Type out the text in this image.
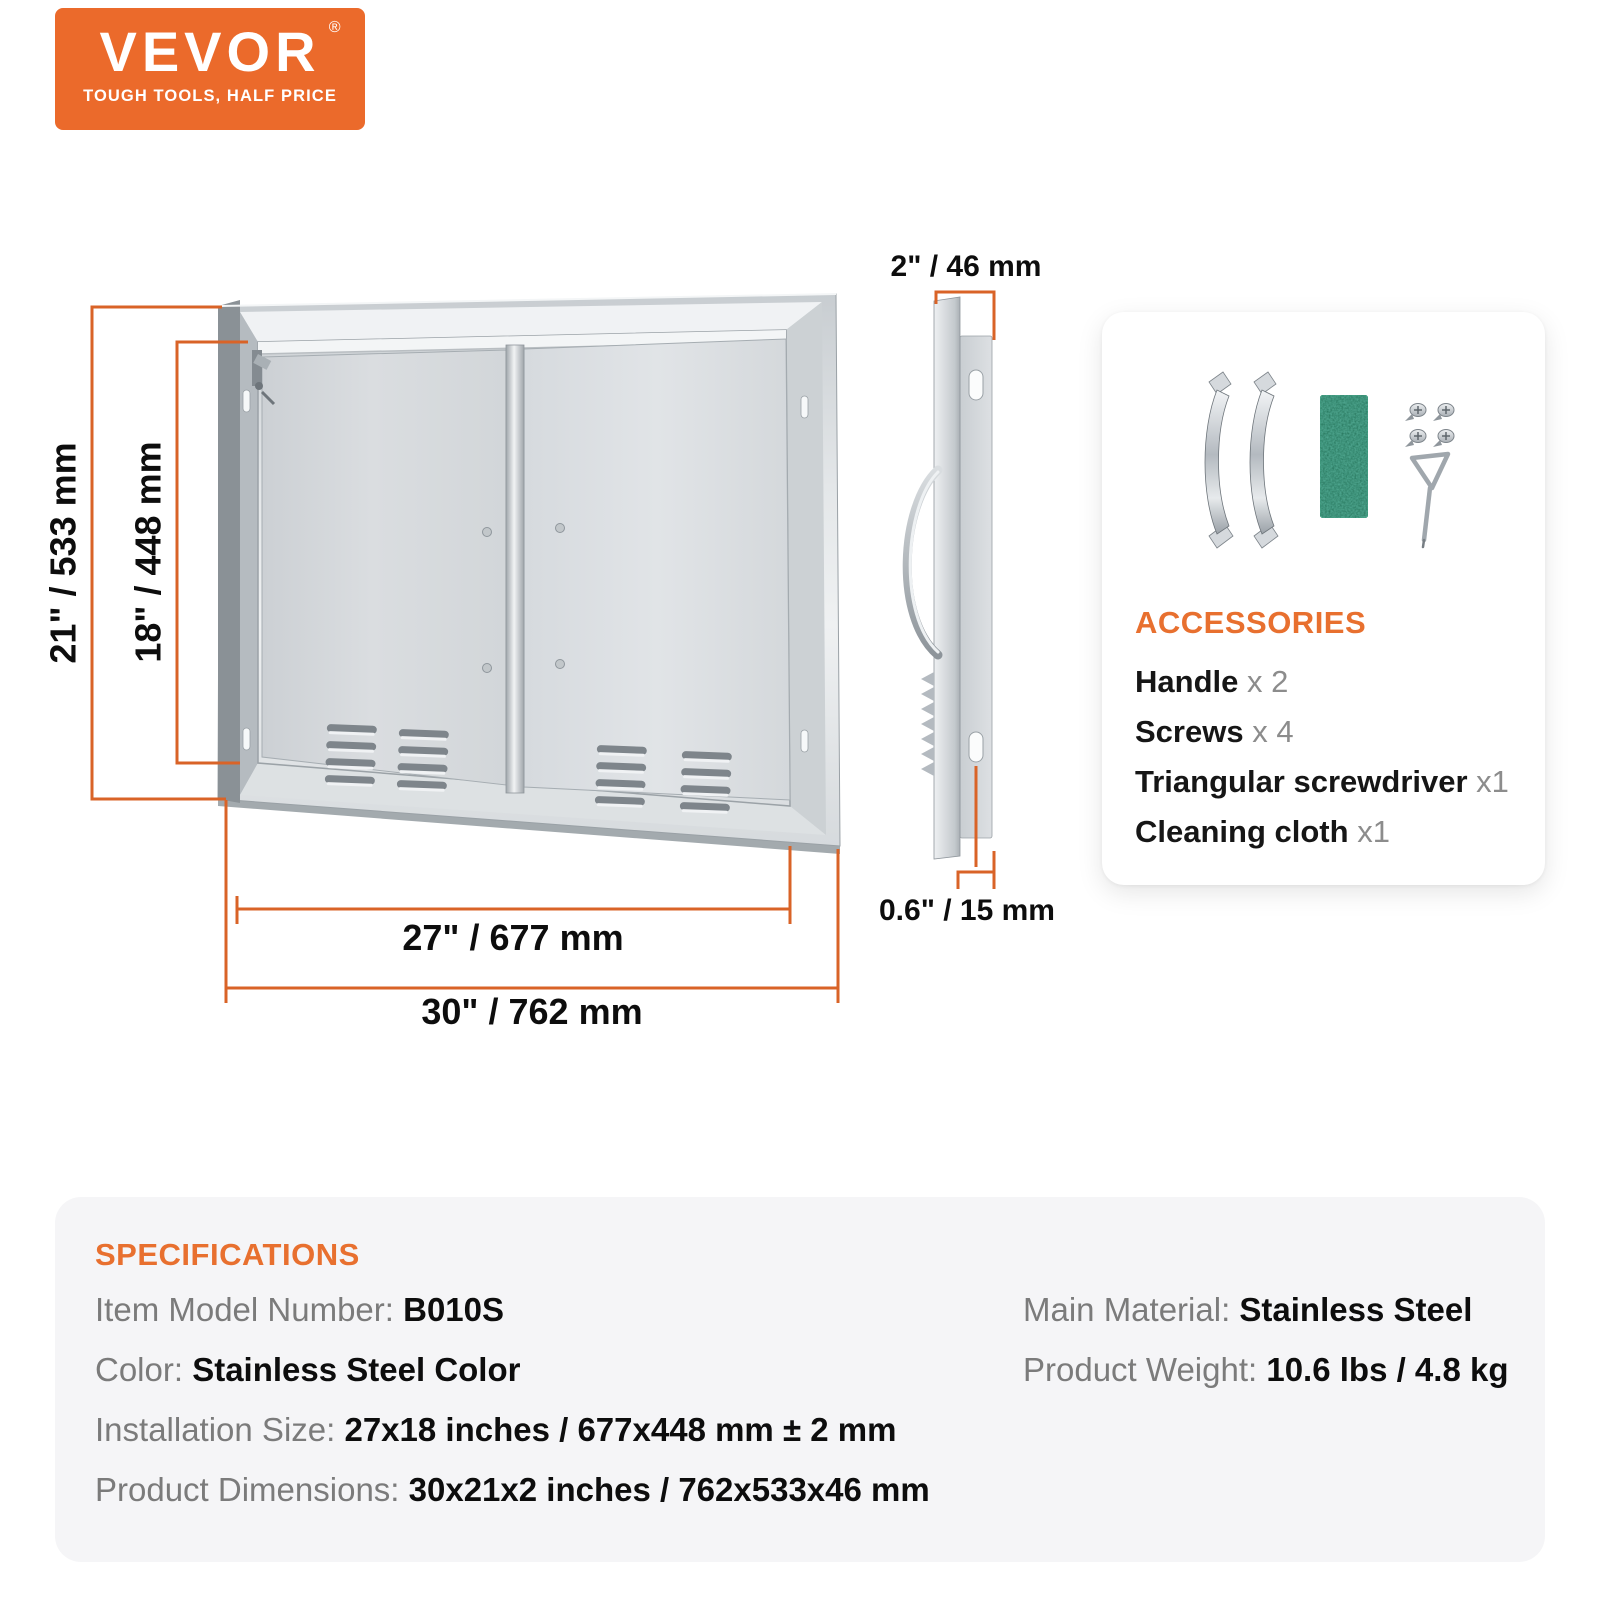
VEVOR ®
TOUGH TOOLS, HALF PRICE
21" / 533 mm 18" / 448 mm
27" / 677 mm
30" / 762 mm
2" / 46 mm
0.6" / 15 mm
ACCESSORIES
Handle x 2
Screws x 4
Triangular screwdriver x1
Cleaning cloth x1
SPECIFICATIONS
Item Model Number: B010S
Color: Stainless Steel Color
Installation Size: 27x18 inches / 677x448 mm ± 2 mm
Product Dimensions: 30x21x2 inches / 762x533x46 mm
Main Material: Stainless Steel
Product Weight: 10.6 lbs / 4.8 kg
